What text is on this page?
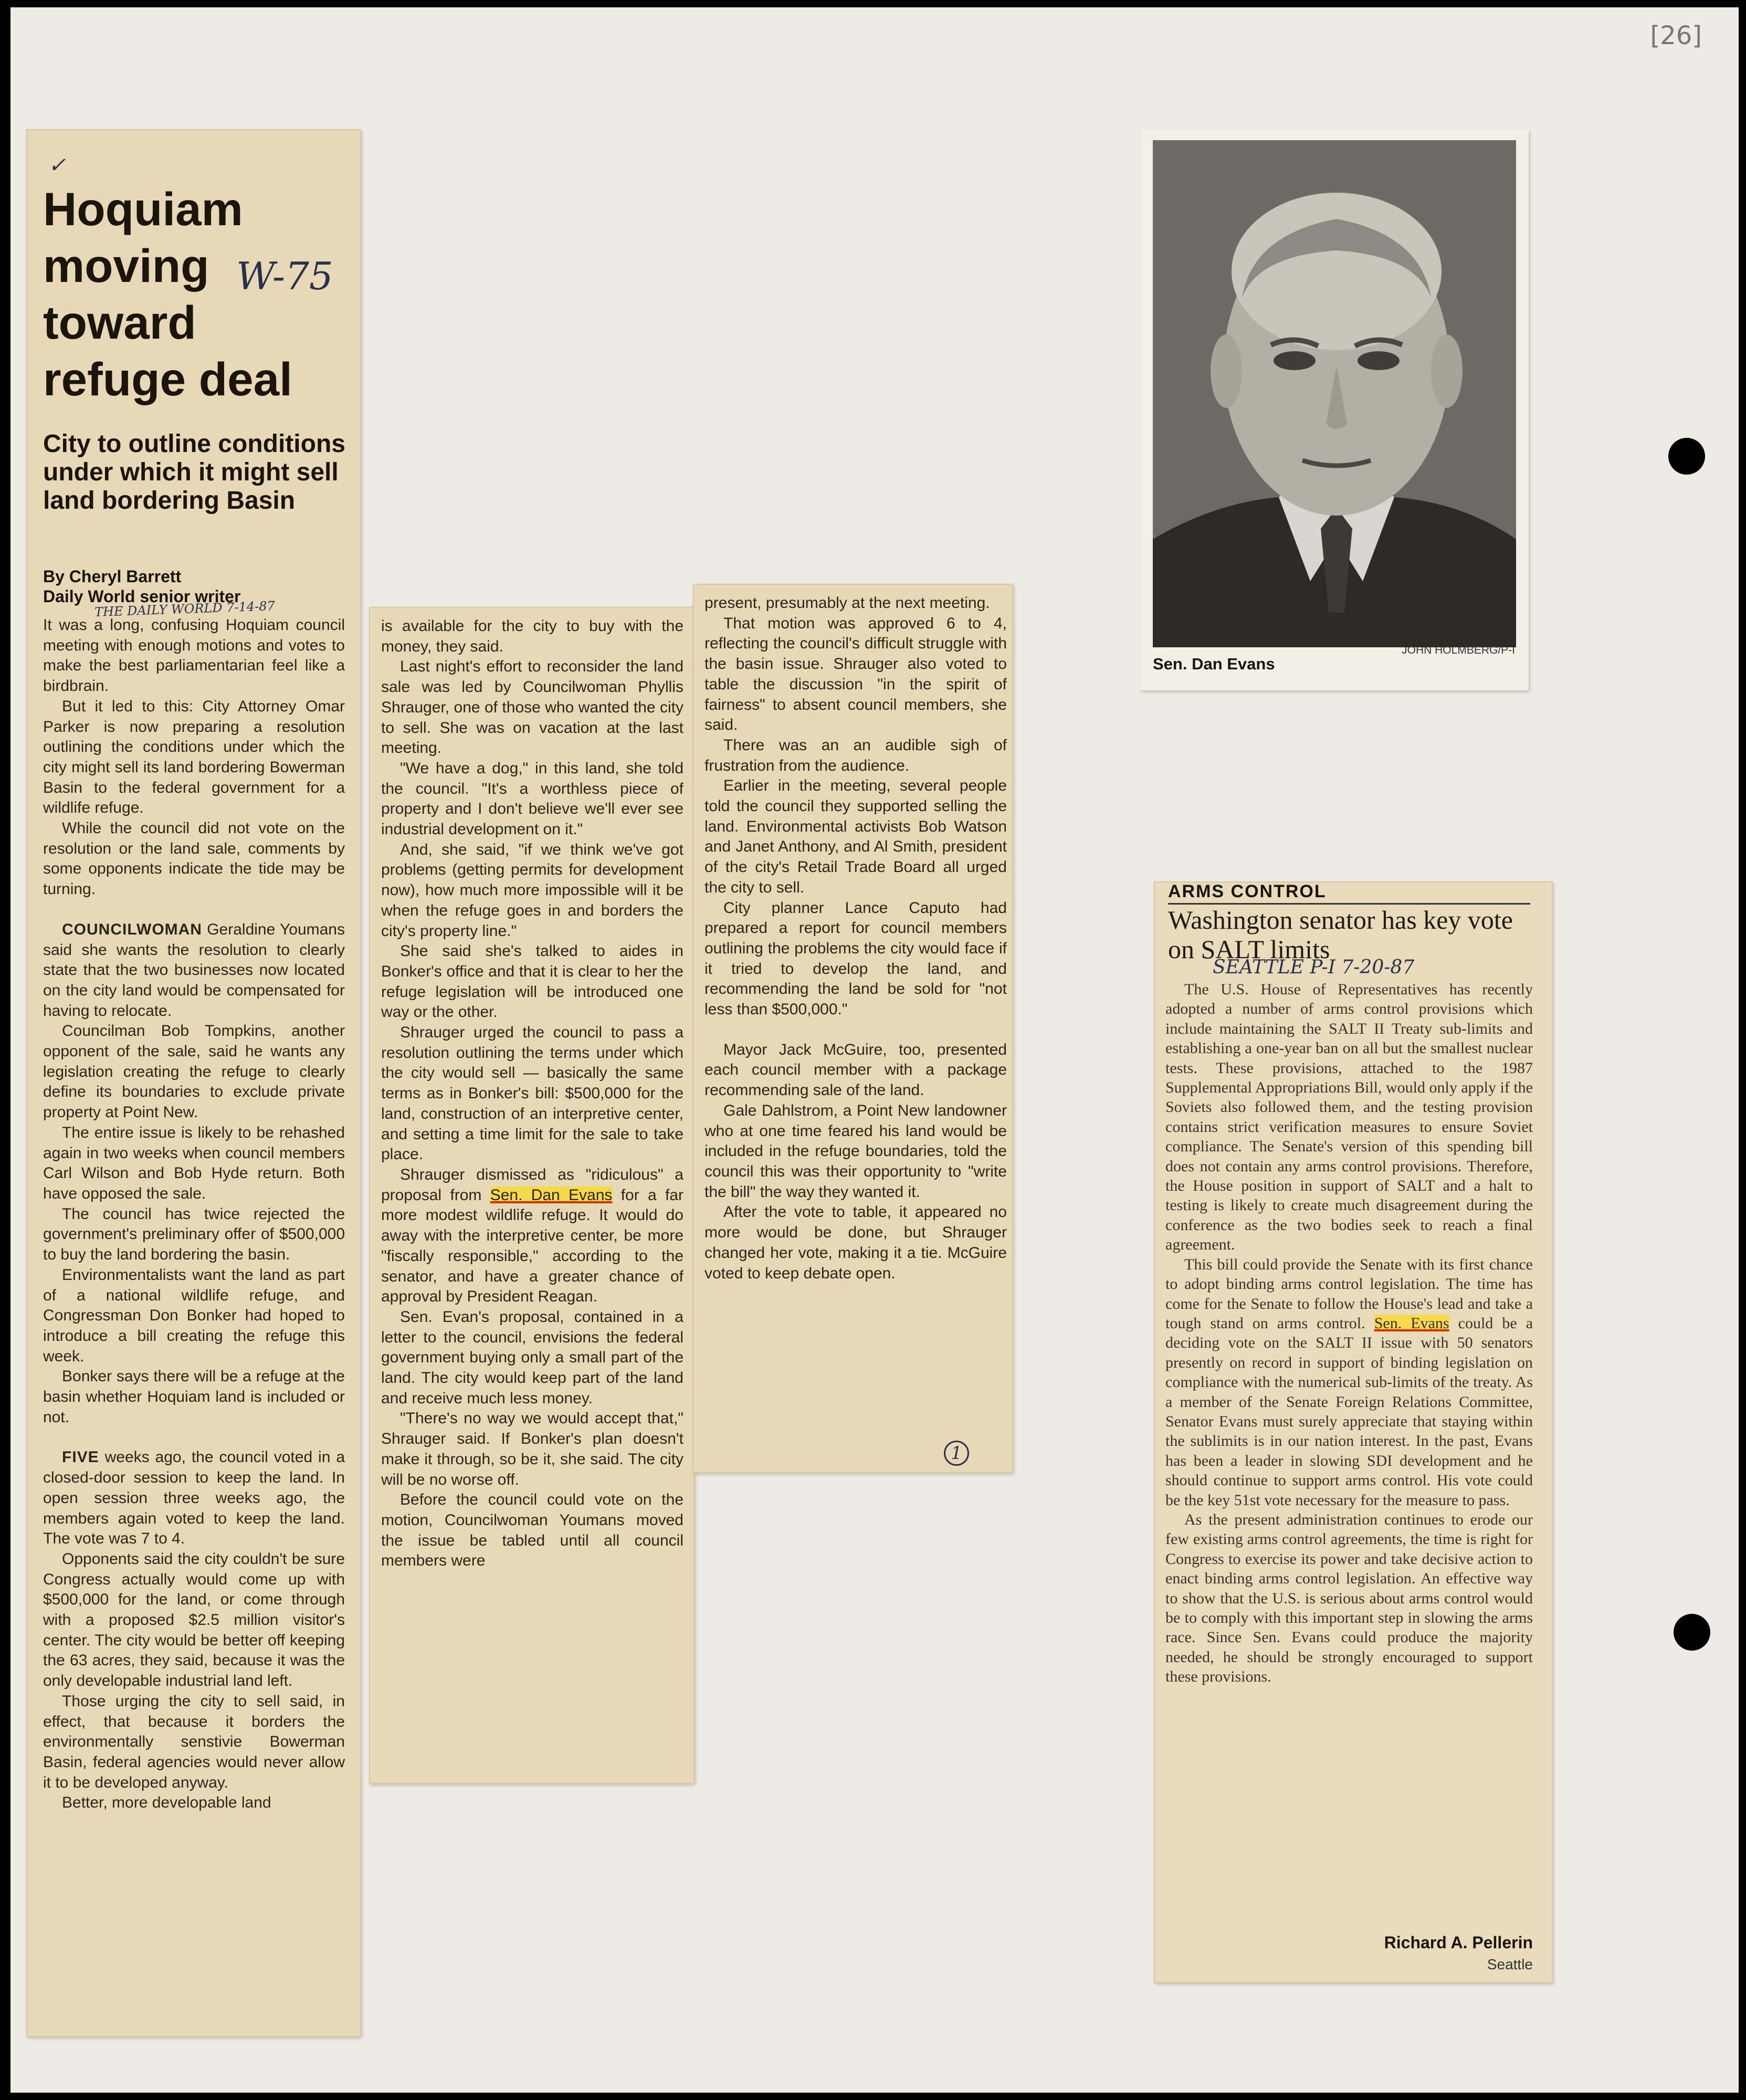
[26]
✓
Hoquiam moving toward refuge deal
W-75
City to outline conditions under which it might sell land bordering Basin
By Cheryl Barrett
Daily World senior writer
THE DAILY WORLD 7-14-87

It was a long, confusing Hoquiam council meeting with enough motions and votes to make the best parliamentarian feel like a birdbrain.

But it led to this: City Attorney Omar Parker is now preparing a resolution outlining the conditions under which the city might sell its land bordering Bowerman Basin to the federal government for a wildlife refuge.

While the council did not vote on the resolution or the land sale, comments by some opponents indicate the tide may be turning.

COUNCILWOMAN Geraldine Youmans said she wants the resolution to clearly state that the two businesses now located on the city land would be compensated for having to relocate.

Councilman Bob Tompkins, another opponent of the sale, said he wants any legislation creating the refuge to clearly define its boundaries to exclude private property at Point New.

The entire issue is likely to be rehashed again in two weeks when council members Carl Wilson and Bob Hyde return. Both have opposed the sale.

The council has twice rejected the government's preliminary offer of $500,000 to buy the land bordering the basin.

Environmentalists want the land as part of a national wildlife refuge, and Congressman Don Bonker had hoped to introduce a bill creating the refuge this week.

Bonker says there will be a refuge at the basin whether Hoquiam land is included or not.

FIVE weeks ago, the council voted in a closed-door session to keep the land. In open session three weeks ago, the members again voted to keep the land. The vote was 7 to 4.

Opponents said the city couldn't be sure Congress actually would come up with $500,000 for the land, or come through with a proposed $2.5 million visitor's center. The city would be better off keeping the 63 acres, they said, because it was the only developable industrial land left.

Those urging the city to sell said, in effect, that because it borders the environmentally senstivie Bowerman Basin, federal agencies would never allow it to be developed anyway.

Better, more developable land

is available for the city to buy with the money, they said.

Last night's effort to reconsider the land sale was led by Councilwoman Phyllis Shrauger, one of those who wanted the city to sell. She was on vacation at the last meeting.

"We have a dog," in this land, she told the council. "It's a worthless piece of property and I don't believe we'll ever see industrial development on it."

And, she said, "if we think we've got problems (getting permits for development now), how much more impossible will it be when the refuge goes in and borders the city's property line."

She said she's talked to aides in Bonker's office and that it is clear to her the refuge legislation will be introduced one way or the other.

Shrauger urged the council to pass a resolution outlining the terms under which the city would sell — basically the same terms as in Bonker's bill: $500,000 for the land, construction of an interpretive center, and setting a time limit for the sale to take place.

Shrauger dismissed as "ridiculous" a proposal from Sen. Dan Evans for a far more modest wildlife refuge. It would do away with the interpretive center, be more "fiscally responsible," according to the senator, and have a greater chance of approval by President Reagan.

Sen. Evan's proposal, contained in a letter to the council, envisions the federal government buying only a small part of the land. The city would keep part of the land and receive much less money.

"There's no way we would accept that," Shrauger said. If Bonker's plan doesn't make it through, so be it, she said. The city will be no worse off.

Before the council could vote on the motion, Councilwoman Youmans moved the issue be tabled until all council members were

present, presumably at the next meeting.

That motion was approved 6 to 4, reflecting the council's difficult struggle with the basin issue. Shrauger also voted to table the discussion "in the spirit of fairness" to absent council members, she said.

There was an an audible sigh of frustration from the audience.

Earlier in the meeting, several people told the council they supported selling the land. Environmental activists Bob Watson and Janet Anthony, and Al Smith, president of the city's Retail Trade Board all urged the city to sell.

City planner Lance Caputo had prepared a report for council members outlining the problems the city would face if it tried to develop the land, and recommending the land be sold for "not less than $500,000."

Mayor Jack McGuire, too, presented each council member with a package recommending sale of the land.

Gale Dahlstrom, a Point New landowner who at one time feared his land would be included in the refuge boundaries, told the council this was their opportunity to "write the bill" the way they wanted it.

After the vote to table, it appeared no more would be done, but Shrauger changed her vote, making it a tie. McGuire voted to keep debate open.

1
JOHN HOLMBERG/P-I
Sen. Dan Evans
ARMS CONTROL
Washington senator has key vote on SALT limits
SEATTLE P-I 7-20-87

The U.S. House of Representatives has recently adopted a number of arms control provisions which include maintaining the SALT II Treaty sub-limits and establishing a one-year ban on all but the smallest nuclear tests. These provisions, attached to the 1987 Supplemental Appropriations Bill, would only apply if the Soviets also followed them, and the testing provision contains strict verification measures to ensure Soviet compliance. The Senate's version of this spending bill does not contain any arms control provisions. Therefore, the House position in support of SALT and a halt to testing is likely to create much disagreement during the conference as the two bodies seek to reach a final agreement.

This bill could provide the Senate with its first chance to adopt binding arms control legislation. The time has come for the Senate to follow the House's lead and take a tough stand on arms control. Sen. Evans could be a deciding vote on the SALT II issue with 50 senators presently on record in support of binding legislation on compliance with the numerical sub-limits of the treaty. As a member of the Senate Foreign Relations Committee, Senator Evans must surely appreciate that staying within the sublimits is in our nation interest. In the past, Evans has been a leader in slowing SDI development and he should continue to support arms control. His vote could be the key 51st vote necessary for the measure to pass.

As the present administration continues to erode our few existing arms control agreements, the time is right for Congress to exercise its power and take decisive action to enact binding arms control legislation. An effective way to show that the U.S. is serious about arms control would be to comply with this important step in slowing the arms race. Since Sen. Evans could produce the majority needed, he should be strongly encouraged to support these provisions.

Richard A. Pellerin
Seattle
